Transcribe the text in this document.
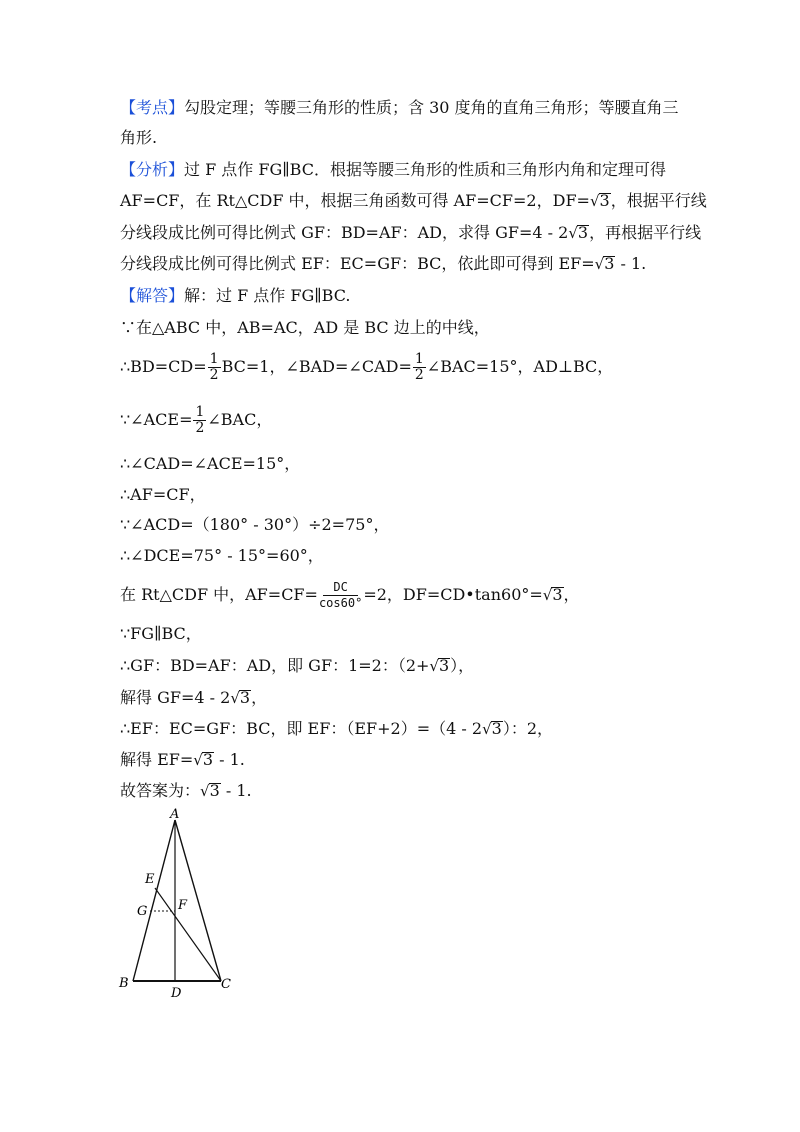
【考点】勾股定理；等腰三角形的性质；含 30 度角的直角三角形；等腰直角三
角形.
【分析】过 F 点作 FG∥BC．根据等腰三角形的性质和三角形内角和定理可得
AF=CF，在 Rt△CDF 中，根据三角函数可得 AF=CF=2，DF=√3，根据平行线
分线段成比例可得比例式 GF：BD=AF：AD，求得 GF=4 - 2√3，再根据平行线
分线段成比例可得比例式 EF：EC=GF：BC，依此即可得到 EF=√3 - 1.
【解答】解：过 F 点作 FG∥BC.
∵在△ABC 中，AB=AC，AD 是 BC 边上的中线，
∴BD=CD= $\frac{1}{2} BC=1$，∠BAD=∠CAD= $\frac{1}{2}$ ∠BAC=15°，AD⊥BC，
∵∠ACE= $\frac{1}{2}$ ∠BAC，
∴∠CAD=∠ACE=15°，
∴AF=CF，
∵∠ACD=（180° - 30°）÷2=75°，
∴∠DCE=75° - 15°=60°，
在 Rt△CDF 中，$AF=CF= \frac{DC}{\cos 60^\circ} =2$，DF=CD•tan60°=√3，
∵FG∥BC，
∴GF：BD=AF：AD，即 GF：1=2：（2+√3），
解得 GF=4 - 2√3，
∴EF：EC=GF：BC，即 EF：（EF+2）=（4 - 2√3）：2，
解得 EF=√3 - 1.
故答案为：√3 - 1.
A
E
G F
B
D
C
